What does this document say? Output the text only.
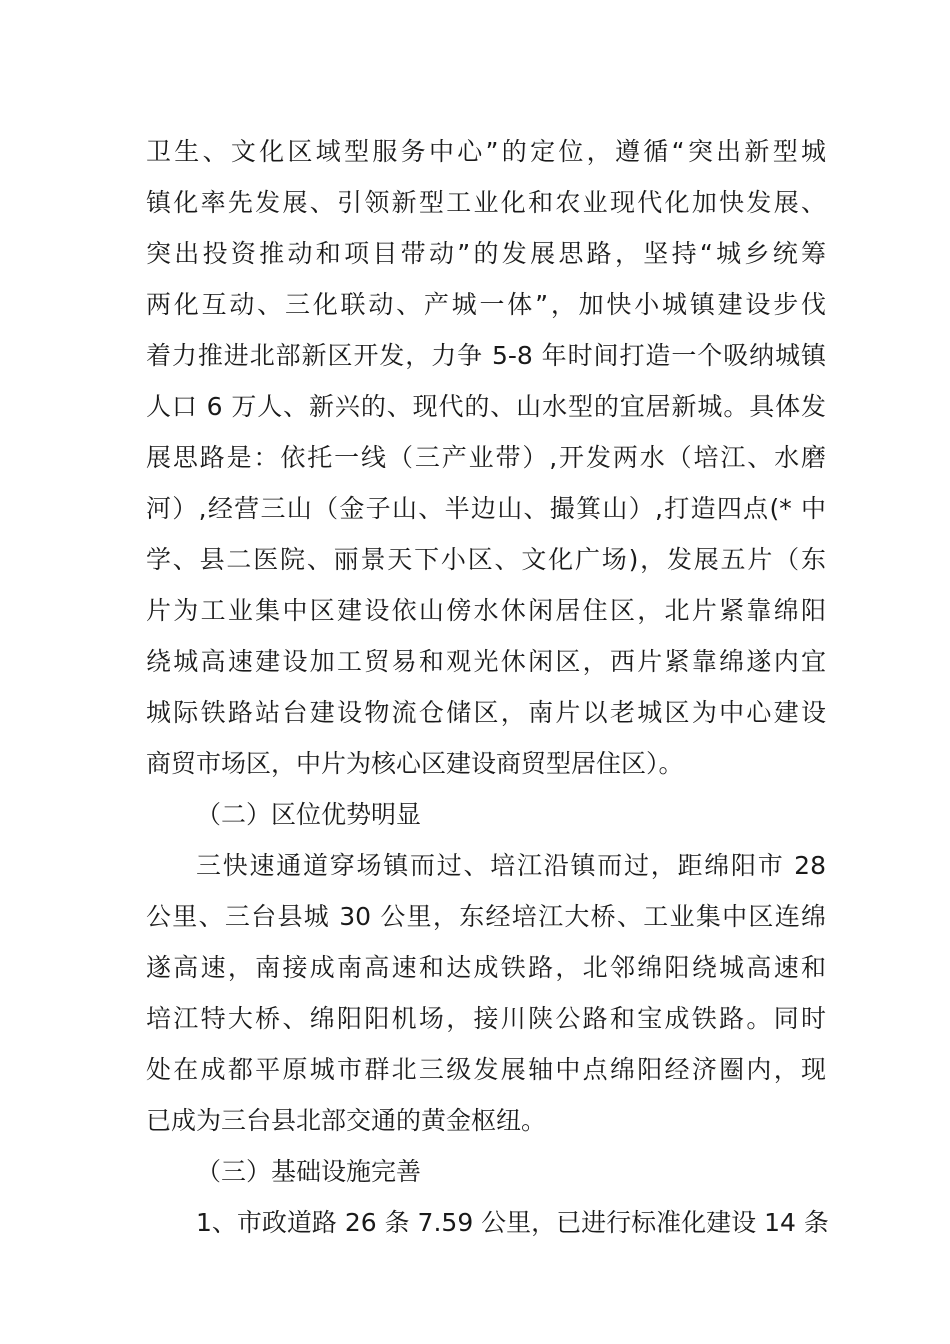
卫生、文化区域型服务中心”的定位，遵循“突出新型城
镇化率先发展、引领新型工业化和农业现代化加快发展、
突出投资推动和项目带动”的发展思路，坚持“城乡统筹
两化互动、三化联动、产城一体”，加快小城镇建设步伐
着力推进北部新区开发，力争 5-8 年时间打造一个吸纳城镇
人口 6 万人、新兴的、现代的、山水型的宜居新城。具体发
展思路是：依托一线（三产业带）,开发两水（培江、水磨
河）,经营三山（金子山、半边山、撮箕山）,打造四点(* 中
学、县二医院、丽景天下小区、文化广场)，发展五片（东
片为工业集中区建设依山傍水休闲居住区，北片紧靠绵阳
绕城高速建设加工贸易和观光休闲区，西片紧靠绵遂内宜
城际铁路站台建设物流仓储区，南片以老城区为中心建设
商贸市场区，中片为核心区建设商贸型居住区）。
（二）区位优势明显
三快速通道穿场镇而过、培江沿镇而过，距绵阳市 28
公里、三台县城 30 公里，东经培江大桥、工业集中区连绵
遂高速，南接成南高速和达成铁路，北邻绵阳绕城高速和
培江特大桥、绵阳阳机场，接川陕公路和宝成铁路。同时
处在成都平原城市群北三级发展轴中点绵阳经济圈内，现
已成为三台县北部交通的黄金枢纽。
（三）基础设施完善
1、市政道路 26 条 7.59 公里，已进行标准化建设 14 条
